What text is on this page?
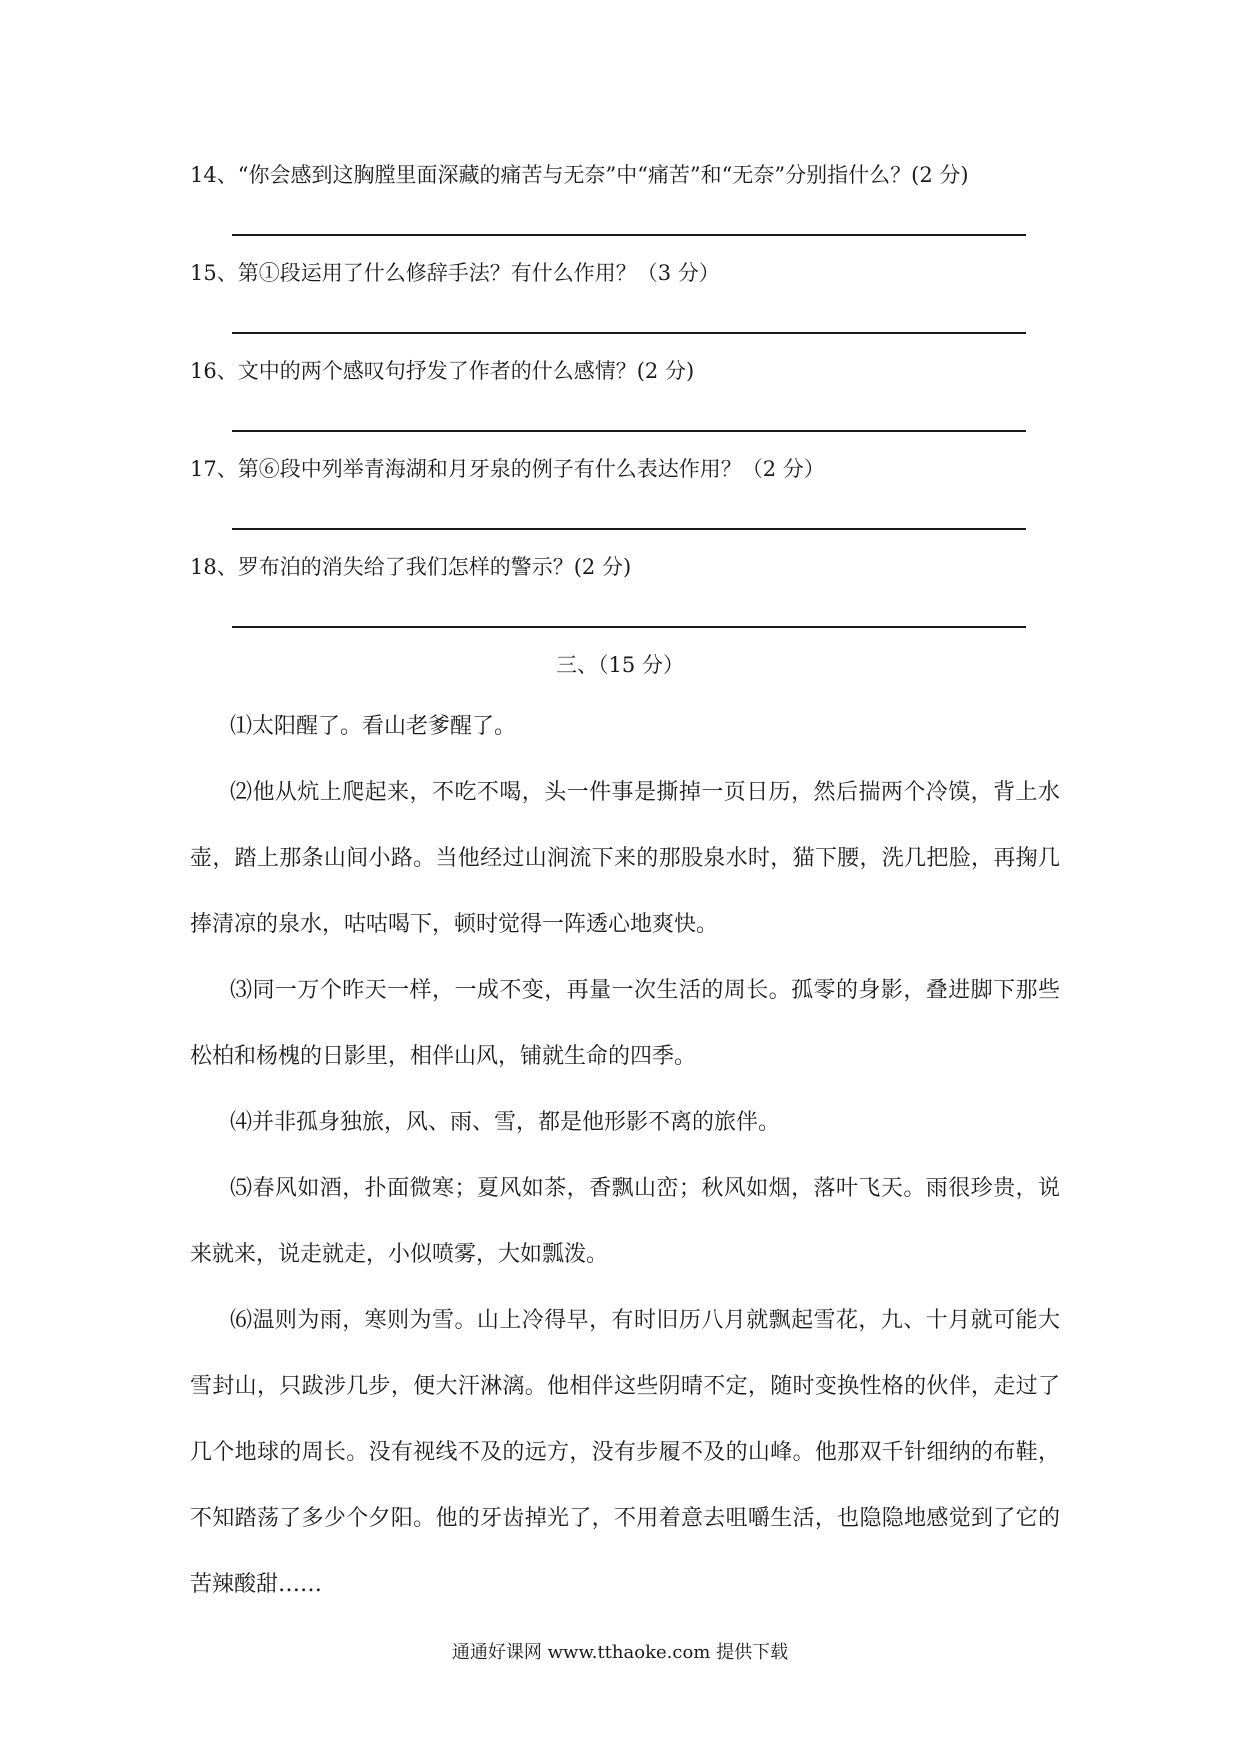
14、“你会感到这胸膛里面深藏的痛苦与无奈”中“痛苦”和“无奈”分别指什么？(2 分)
15、第①段运用了什么修辞手法？有什么作用？（3 分）
16、文中的两个感叹句抒发了作者的什么感情？(2 分)
17、第⑥段中列举青海湖和月牙泉的例子有什么表达作用？（2 分）
18、罗布泊的消失给了我们怎样的警示？(2 分)
三、（15 分）
⑴太阳醒了。看山老爹醒了。
⑵他从炕上爬起来，不吃不喝，头一件事是撕掉一页日历，然后揣两个冷馍，背上水壶，踏上那条山间小路。当他经过山涧流下来的那股泉水时，猫下腰，洗几把脸，再掬几捧清凉的泉水，咕咕喝下，顿时觉得一阵透心地爽快。
⑶同一万个昨天一样，一成不变，再量一次生活的周长。孤零的身影，叠进脚下那些松柏和杨槐的日影里，相伴山风，铺就生命的四季。
⑷并非孤身独旅，风、雨、雪，都是他形影不离的旅伴。
⑸春风如酒，扑面微寒；夏风如茶，香飘山峦；秋风如烟，落叶飞天。雨很珍贵，说来就来，说走就走，小似喷雾，大如瓢泼。
⑹温则为雨，寒则为雪。山上冷得早，有时旧历八月就飘起雪花，九、十月就可能大雪封山，只跋涉几步，便大汗淋漓。他相伴这些阴晴不定，随时变换性格的伙伴，走过了几个地球的周长。没有视线不及的远方，没有步履不及的山峰。他那双千针细纳的布鞋，不知踏荡了多少个夕阳。他的牙齿掉光了，不用着意去咀嚼生活，也隐隐地感觉到了它的苦辣酸甜……
通通好课网 www.tthaoke.com 提供下载
